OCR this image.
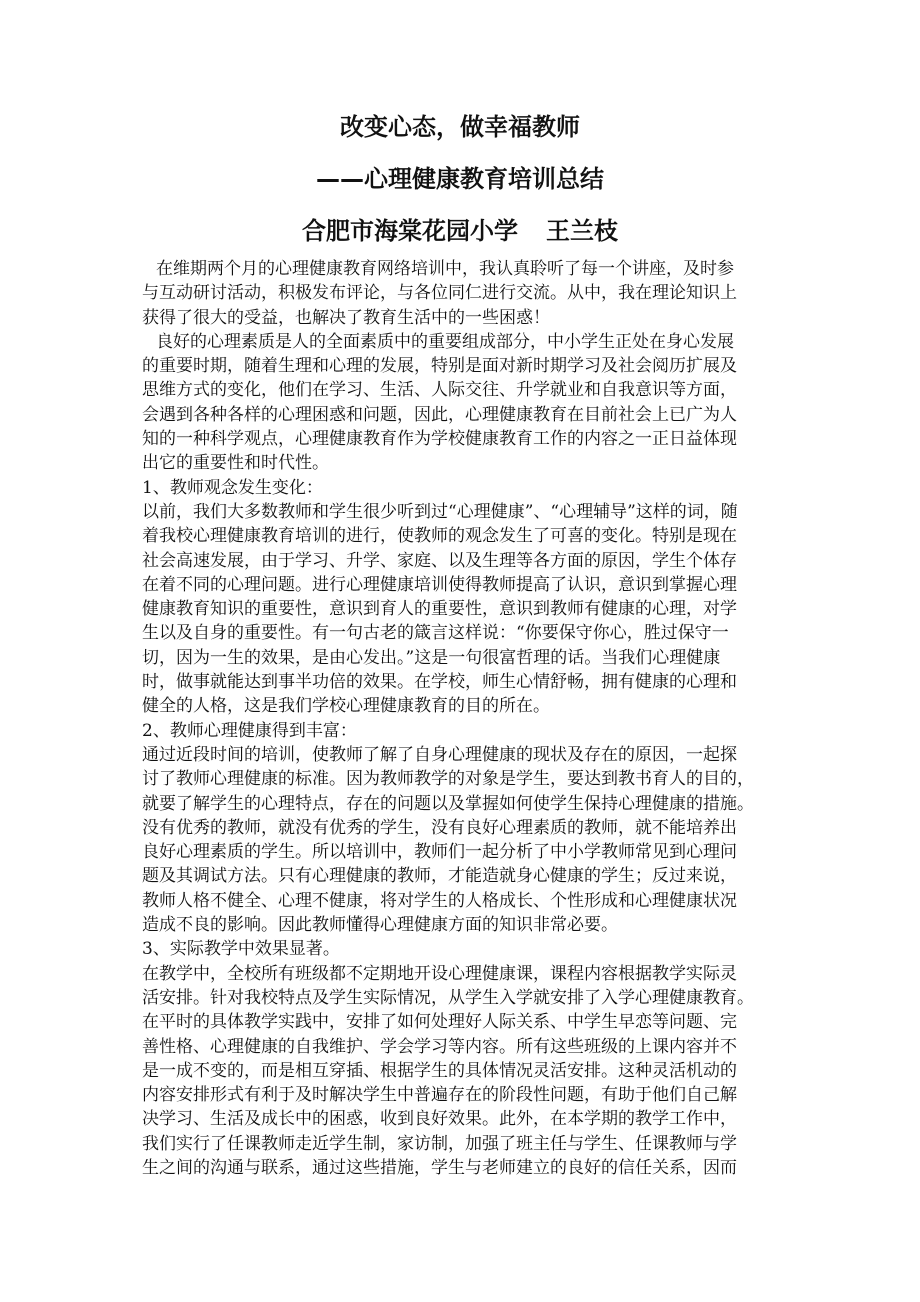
改变心态，做幸福教师
——心理健康教育培训总结
合肥市海棠花园小学 王兰枝
在维期两个月的心理健康教育网络培训中，我认真聆听了每一个讲座，及时参
与互动研讨活动，积极发布评论，与各位同仁进行交流。从中，我在理论知识上
获得了很大的受益，也解决了教育生活中的一些困惑！
良好的心理素质是人的全面素质中的重要组成部分，中小学生正处在身心发展
的重要时期，随着生理和心理的发展，特别是面对新时期学习及社会阅历扩展及
思维方式的变化，他们在学习、生活、人际交往、升学就业和自我意识等方面，
会遇到各种各样的心理困惑和问题，因此，心理健康教育在目前社会上已广为人
知的一种科学观点，心理健康教育作为学校健康教育工作的内容之一正日益体现
出它的重要性和时代性。
1、教师观念发生变化：
以前，我们大多数教师和学生很少听到过“心理健康”、“心理辅导”这样的词，随
着我校心理健康教育培训的进行，使教师的观念发生了可喜的变化。特别是现在
社会高速发展，由于学习、升学、家庭、以及生理等各方面的原因，学生个体存
在着不同的心理问题。进行心理健康培训使得教师提高了认识，意识到掌握心理
健康教育知识的重要性，意识到育人的重要性，意识到教师有健康的心理，对学
生以及自身的重要性。有一句古老的箴言这样说：“你要保守你心，胜过保守一
切，因为一生的效果，是由心发出。”这是一句很富哲理的话。当我们心理健康
时，做事就能达到事半功倍的效果。在学校，师生心情舒畅，拥有健康的心理和
健全的人格，这是我们学校心理健康教育的目的所在。
2、教师心理健康得到丰富：
通过近段时间的培训，使教师了解了自身心理健康的现状及存在的原因，一起探
讨了教师心理健康的标准。因为教师教学的对象是学生，要达到教书育人的目的，
就要了解学生的心理特点，存在的问题以及掌握如何使学生保持心理健康的措施。
没有优秀的教师，就没有优秀的学生，没有良好心理素质的教师，就不能培养出
良好心理素质的学生。所以培训中，教师们一起分析了中小学教师常见到心理问
题及其调试方法。只有心理健康的教师，才能造就身心健康的学生；反过来说，
教师人格不健全、心理不健康，将对学生的人格成长、个性形成和心理健康状况
造成不良的影响。因此教师懂得心理健康方面的知识非常必要。
3、实际教学中效果显著。
在教学中，全校所有班级都不定期地开设心理健康课，课程内容根据教学实际灵
活安排。针对我校特点及学生实际情况，从学生入学就安排了入学心理健康教育。
在平时的具体教学实践中，安排了如何处理好人际关系、中学生早恋等问题、完
善性格、心理健康的自我维护、学会学习等内容。所有这些班级的上课内容并不
是一成不变的，而是相互穿插、根据学生的具体情况灵活安排。这种灵活机动的
内容安排形式有利于及时解决学生中普遍存在的阶段性问题，有助于他们自己解
决学习、生活及成长中的困惑，收到良好效果。此外，在本学期的教学工作中，
我们实行了任课教师走近学生制，家访制，加强了班主任与学生、任课教师与学
生之间的沟通与联系，通过这些措施，学生与老师建立的良好的信任关系，因而
